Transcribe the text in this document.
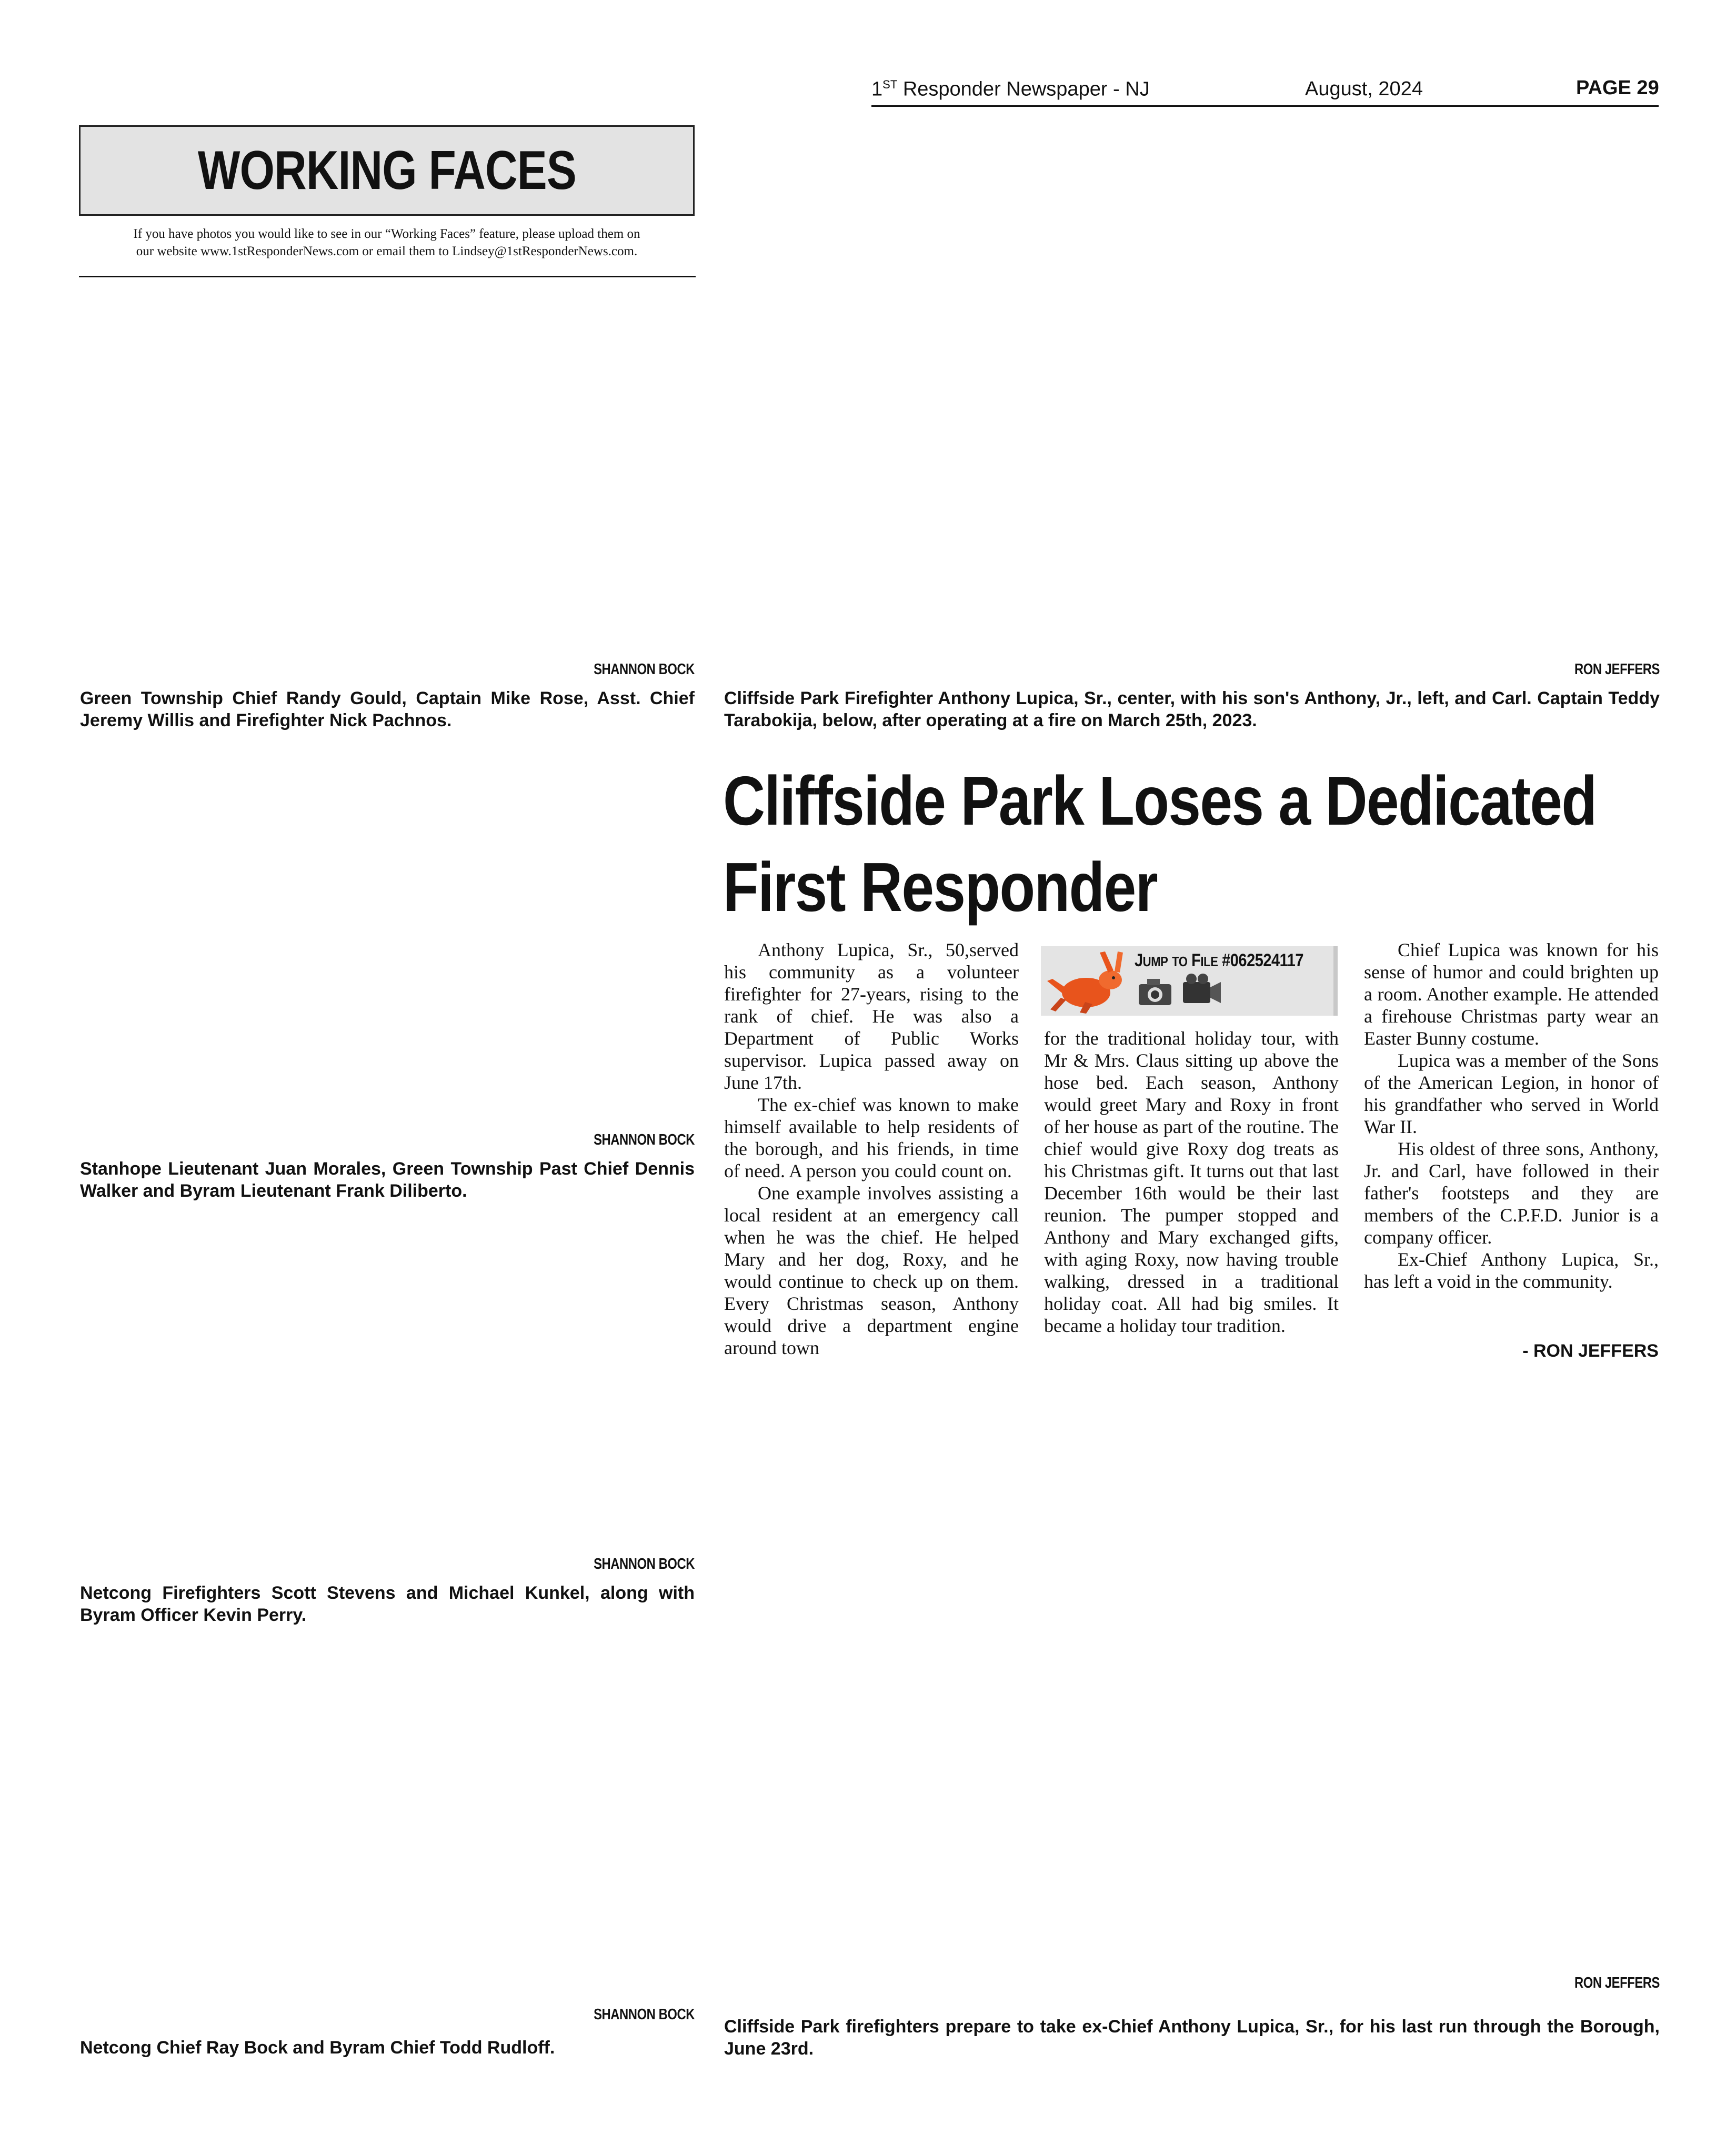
1ST Responder Newspaper - NJ	August, 2024	PAGE 29
WORKING FACES
If you have photos you would like to see in our “Working Faces” feature, please upload them on
our website www.1stResponderNews.com or email them to Lindsey@1stResponderNews.com.
SHANNON BOCK
Green Township Chief Randy Gould, Captain Mike Rose, Asst. Chief Jeremy Willis and Firefighter Nick Pachnos.
SHANNON BOCK
Stanhope Lieutenant Juan Morales, Green Township Past Chief Dennis Walker and Byram Lieutenant Frank Diliberto.
SHANNON BOCK
Netcong Firefighters Scott Stevens and Michael Kunkel, along with Byram Officer Kevin Perry.
SHANNON BOCK
Netcong Chief Ray Bock and Byram Chief Todd Rudloff.
RON JEFFERS
Cliffside Park Firefighter Anthony Lupica, Sr., center, with his son's Anthony, Jr., left, and Carl. Captain Teddy Tarabokija, below, after operating at a fire on March 25th, 2023.
Cliffside Park Loses a Dedicated
First Responder

Anthony Lupica, Sr., 50,served his community as a volunteer firefighter for 27-years, rising to the rank of chief. He was also a Department of Public Works supervisor. Lupica passed away on June 17th.

The ex-chief was known to make himself available to help residents of the borough, and his friends, in time of need. A person you could count on.

One example involves assisting a local resident at an emergency call when he was the chief. He helped Mary and her dog, Roxy, and he would continue to check up on them. Every Christmas season, Anthony would drive a department engine around town

JUMP TO FILE #062524117

for the traditional holiday tour, with Mr & Mrs. Claus sitting up above the hose bed. Each season, Anthony would greet Mary and Roxy in front of her house as part of the routine. The chief would give Roxy dog treats as his Christmas gift. It turns out that last December 16th would be their last reunion. The pumper stopped and Anthony and Mary exchanged gifts, with aging Roxy, now having trouble walking, dressed in a traditional holiday coat. All had big smiles. It became a holiday tour tradition.

Chief Lupica was known for his sense of humor and could brighten up a room. Another example. He attended a firehouse Christmas party wear an Easter Bunny costume.

Lupica was a member of the Sons of the American Legion, in honor of his grandfather who served in World War II.

His oldest of three sons, Anthony, Jr. and Carl, have followed in their father's footsteps and they are members of the C.P.F.D. Junior is a company officer.

Ex-Chief Anthony Lupica, Sr., has left a void in the community.

- RON JEFFERS
RON JEFFERS
Cliffside Park firefighters prepare to take ex-Chief Anthony Lupica, Sr., for his last run through the Borough, June 23rd.
